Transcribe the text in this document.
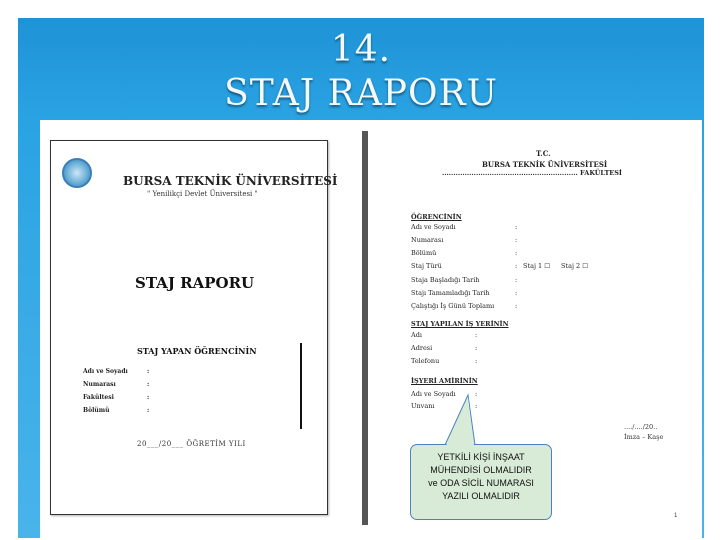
14.
STAJ RAPORU
BURSA TEKNİK ÜNİVERSİTESİ
" Yenilikçi Devlet Üniversitesi "
STAJ RAPORU
STAJ YAPAN ÖĞRENCİNİN
Adı ve Soyadı	:
Numarası	:
Fakültesi	:
Bölümü	:
20___/20___ ÖĞRETİM YILI
T.C.
BURSA TEKNİK ÜNİVERSİTESİ
............................................................ FAKÜLTESİ
ÖĞRENCİNİN
Adı ve Soyadı	:
Numarası	:
Bölümü	:
Staj Türü	: Staj 1 ☐ Staj 2 ☐
Staja Başladığı Tarih	:
Stajı Tamamladığı Tarih	:
Çalıştığı İş Günü Toplamı	:
STAJ YAPILAN İŞ YERİNİN
Adı	:
Adresi	:
Telefonu	:
İŞYERİ AMİRİNİN
Adı ve Soyadı	:
Unvanı	:
..../..../20..
İmza – Kaşe
1
YETKİLİ KİŞİ İNŞAAT
MÜHENDİSİ OLMALIDIR
ve ODA SİCİL NUMARASI
YAZILI OLMALIDIR
